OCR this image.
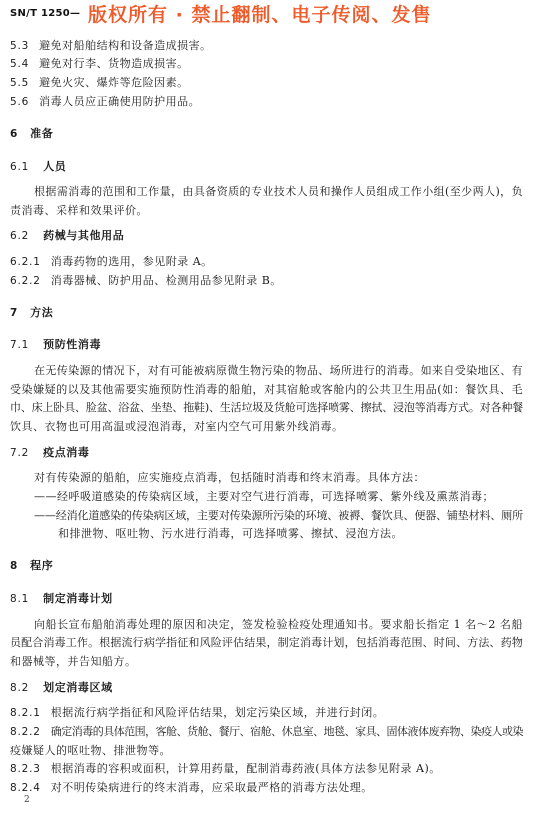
SN/T 1250— 版权所有 · 禁止翻制、电子传阅、发售
5.3 避免对船舶结构和设备造成损害。
5.4 避免对行李、货物造成损害。
5.5 避免火灾、爆炸等危险因素。
5.6 消毒人员应正确使用防护用品。
6 准备
6.1 人员
根据需消毒的范围和工作量，由具备资质的专业技术人员和操作人员组成工作小组(至少两人)，负
责消毒、采样和效果评价。
6.2 药械与其他用品
6.2.1 消毒药物的选用，参见附录 A。
6.2.2 消毒器械、防护用品、检测用品参见附录 B。
7 方法
7.1 预防性消毒
在无传染源的情况下，对有可能被病原微生物污染的物品、场所进行的消毒。如来自受染地区、有
受染嫌疑的以及其他需要实施预防性消毒的船舶，对其宿舱或客舱内的公共卫生用品(如：餐饮具、毛
巾、床上卧具、脸盆、浴盆、坐垫、拖鞋)、生活垃圾及货舱可选择喷雾、擦拭、浸泡等消毒方式。对各种餐
饮具、衣物也可用高温或浸泡消毒，对室内空气可用紫外线消毒。
7.2 疫点消毒
对有传染源的船舶，应实施疫点消毒，包括随时消毒和终末消毒。具体方法：
——经呼吸道感染的传染病区域，主要对空气进行消毒，可选择喷雾、紫外线及熏蒸消毒；
——经消化道感染的传染病区域，主要对传染源所污染的环境、被褥、餐饮具、便器、铺垫材料、厕所
和排泄物、呕吐物、污水进行消毒，可选择喷雾、擦拭、浸泡方法。
8 程序
8.1 制定消毒计划
向船长宣布船舶消毒处理的原因和决定，签发检验检疫处理通知书。要求船长指定 1 名～2 名船
员配合消毒工作。根据流行病学指征和风险评估结果，制定消毒计划，包括消毒范围、时间、方法、药物
和器械等，并告知船方。
8.2 划定消毒区域
8.2.1 根据流行病学指征和风险评估结果，划定污染区域，并进行封闭。
8.2.2 确定消毒的具体范围，客舱、货舱、餐厅、宿舱、休息室、地毯、家具、固体液体废弃物、染疫人或染
疫嫌疑人的呕吐物、排泄物等。
8.2.3 根据消毒的容积或面积，计算用药量，配制消毒药液(具体方法参见附录 A)。
8.2.4 对不明传染病进行的终末消毒，应采取最严格的消毒方法处理。
2
